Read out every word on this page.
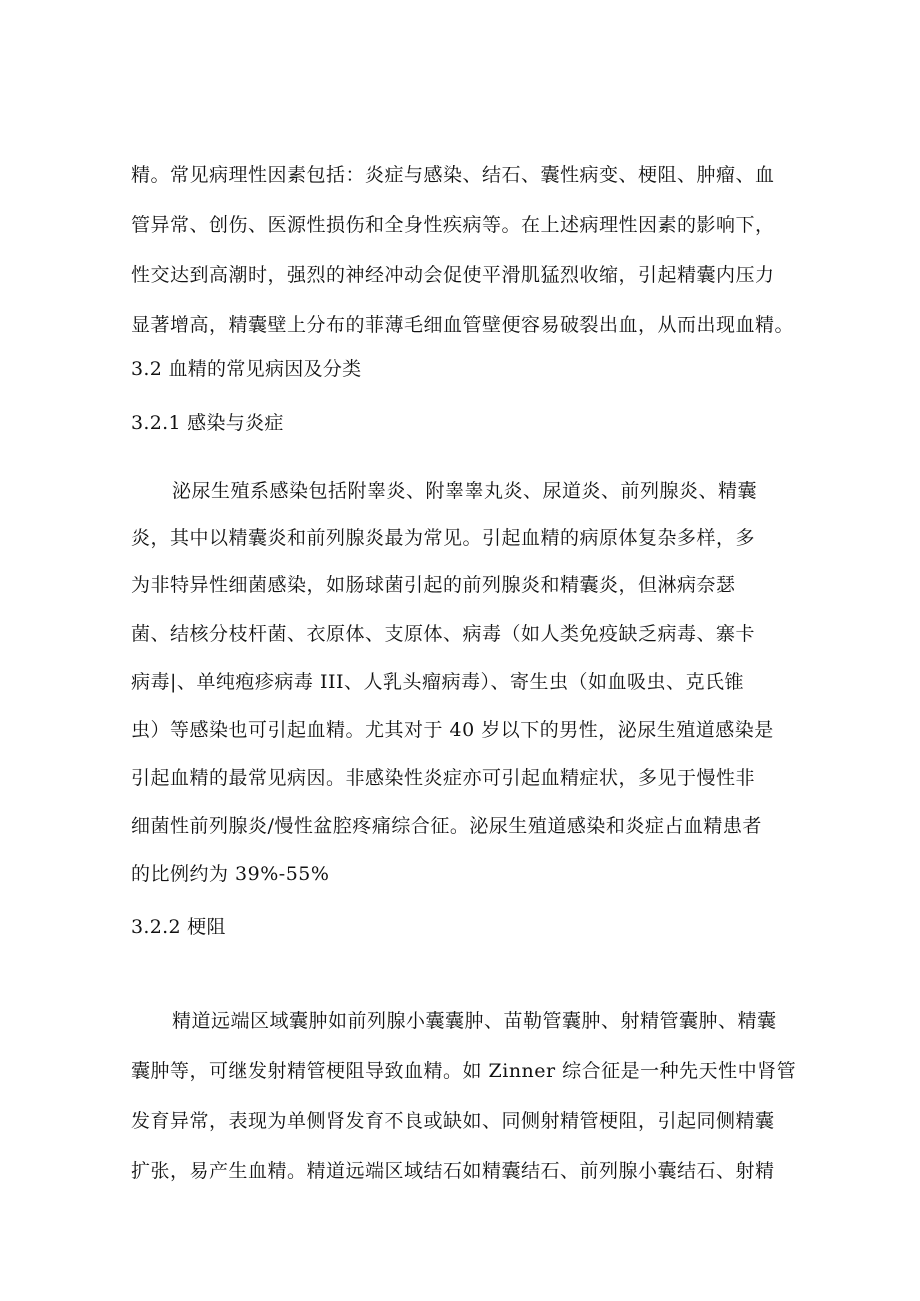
精。常见病理性因素包括：炎症与感染、结石、囊性病变、梗阻、肿瘤、血
管异常、创伤、医源性损伤和全身性疾病等。在上述病理性因素的影响下，
性交达到高潮时，强烈的神经冲动会促使平滑肌猛烈收缩，引起精囊内压力
显著增高，精囊壁上分布的菲薄毛细血管壁便容易破裂出血，从而出现血精。
3.2 血精的常见病因及分类
3.2.1 感染与炎症
泌尿生殖系感染包括附睾炎、附睾睾丸炎、尿道炎、前列腺炎、精囊
炎，其中以精囊炎和前列腺炎最为常见。引起血精的病原体复杂多样，多
为非特异性细菌感染，如肠球菌引起的前列腺炎和精囊炎，但淋病奈瑟
菌、结核分枝杆菌、衣原体、支原体、病毒（如人类免疫缺乏病毒、寨卡
病毒|、单纯疱疹病毒 III、人乳头瘤病毒）、寄生虫（如血吸虫、克氏锥
虫）等感染也可引起血精。尤其对于 40 岁以下的男性，泌尿生殖道感染是
引起血精的最常见病因。非感染性炎症亦可引起血精症状，多见于慢性非
细菌性前列腺炎/慢性盆腔疼痛综合征。泌尿生殖道感染和炎症占血精患者
的比例约为 39%-55%
3.2.2 梗阻
精道远端区域囊肿如前列腺小囊囊肿、苗勒管囊肿、射精管囊肿、精囊
囊肿等，可继发射精管梗阻导致血精。如 Zinner 综合征是一种先天性中肾管
发育异常，表现为单侧肾发育不良或缺如、同侧射精管梗阻，引起同侧精囊
扩张，易产生血精。精道远端区域结石如精囊结石、前列腺小囊结石、射精
